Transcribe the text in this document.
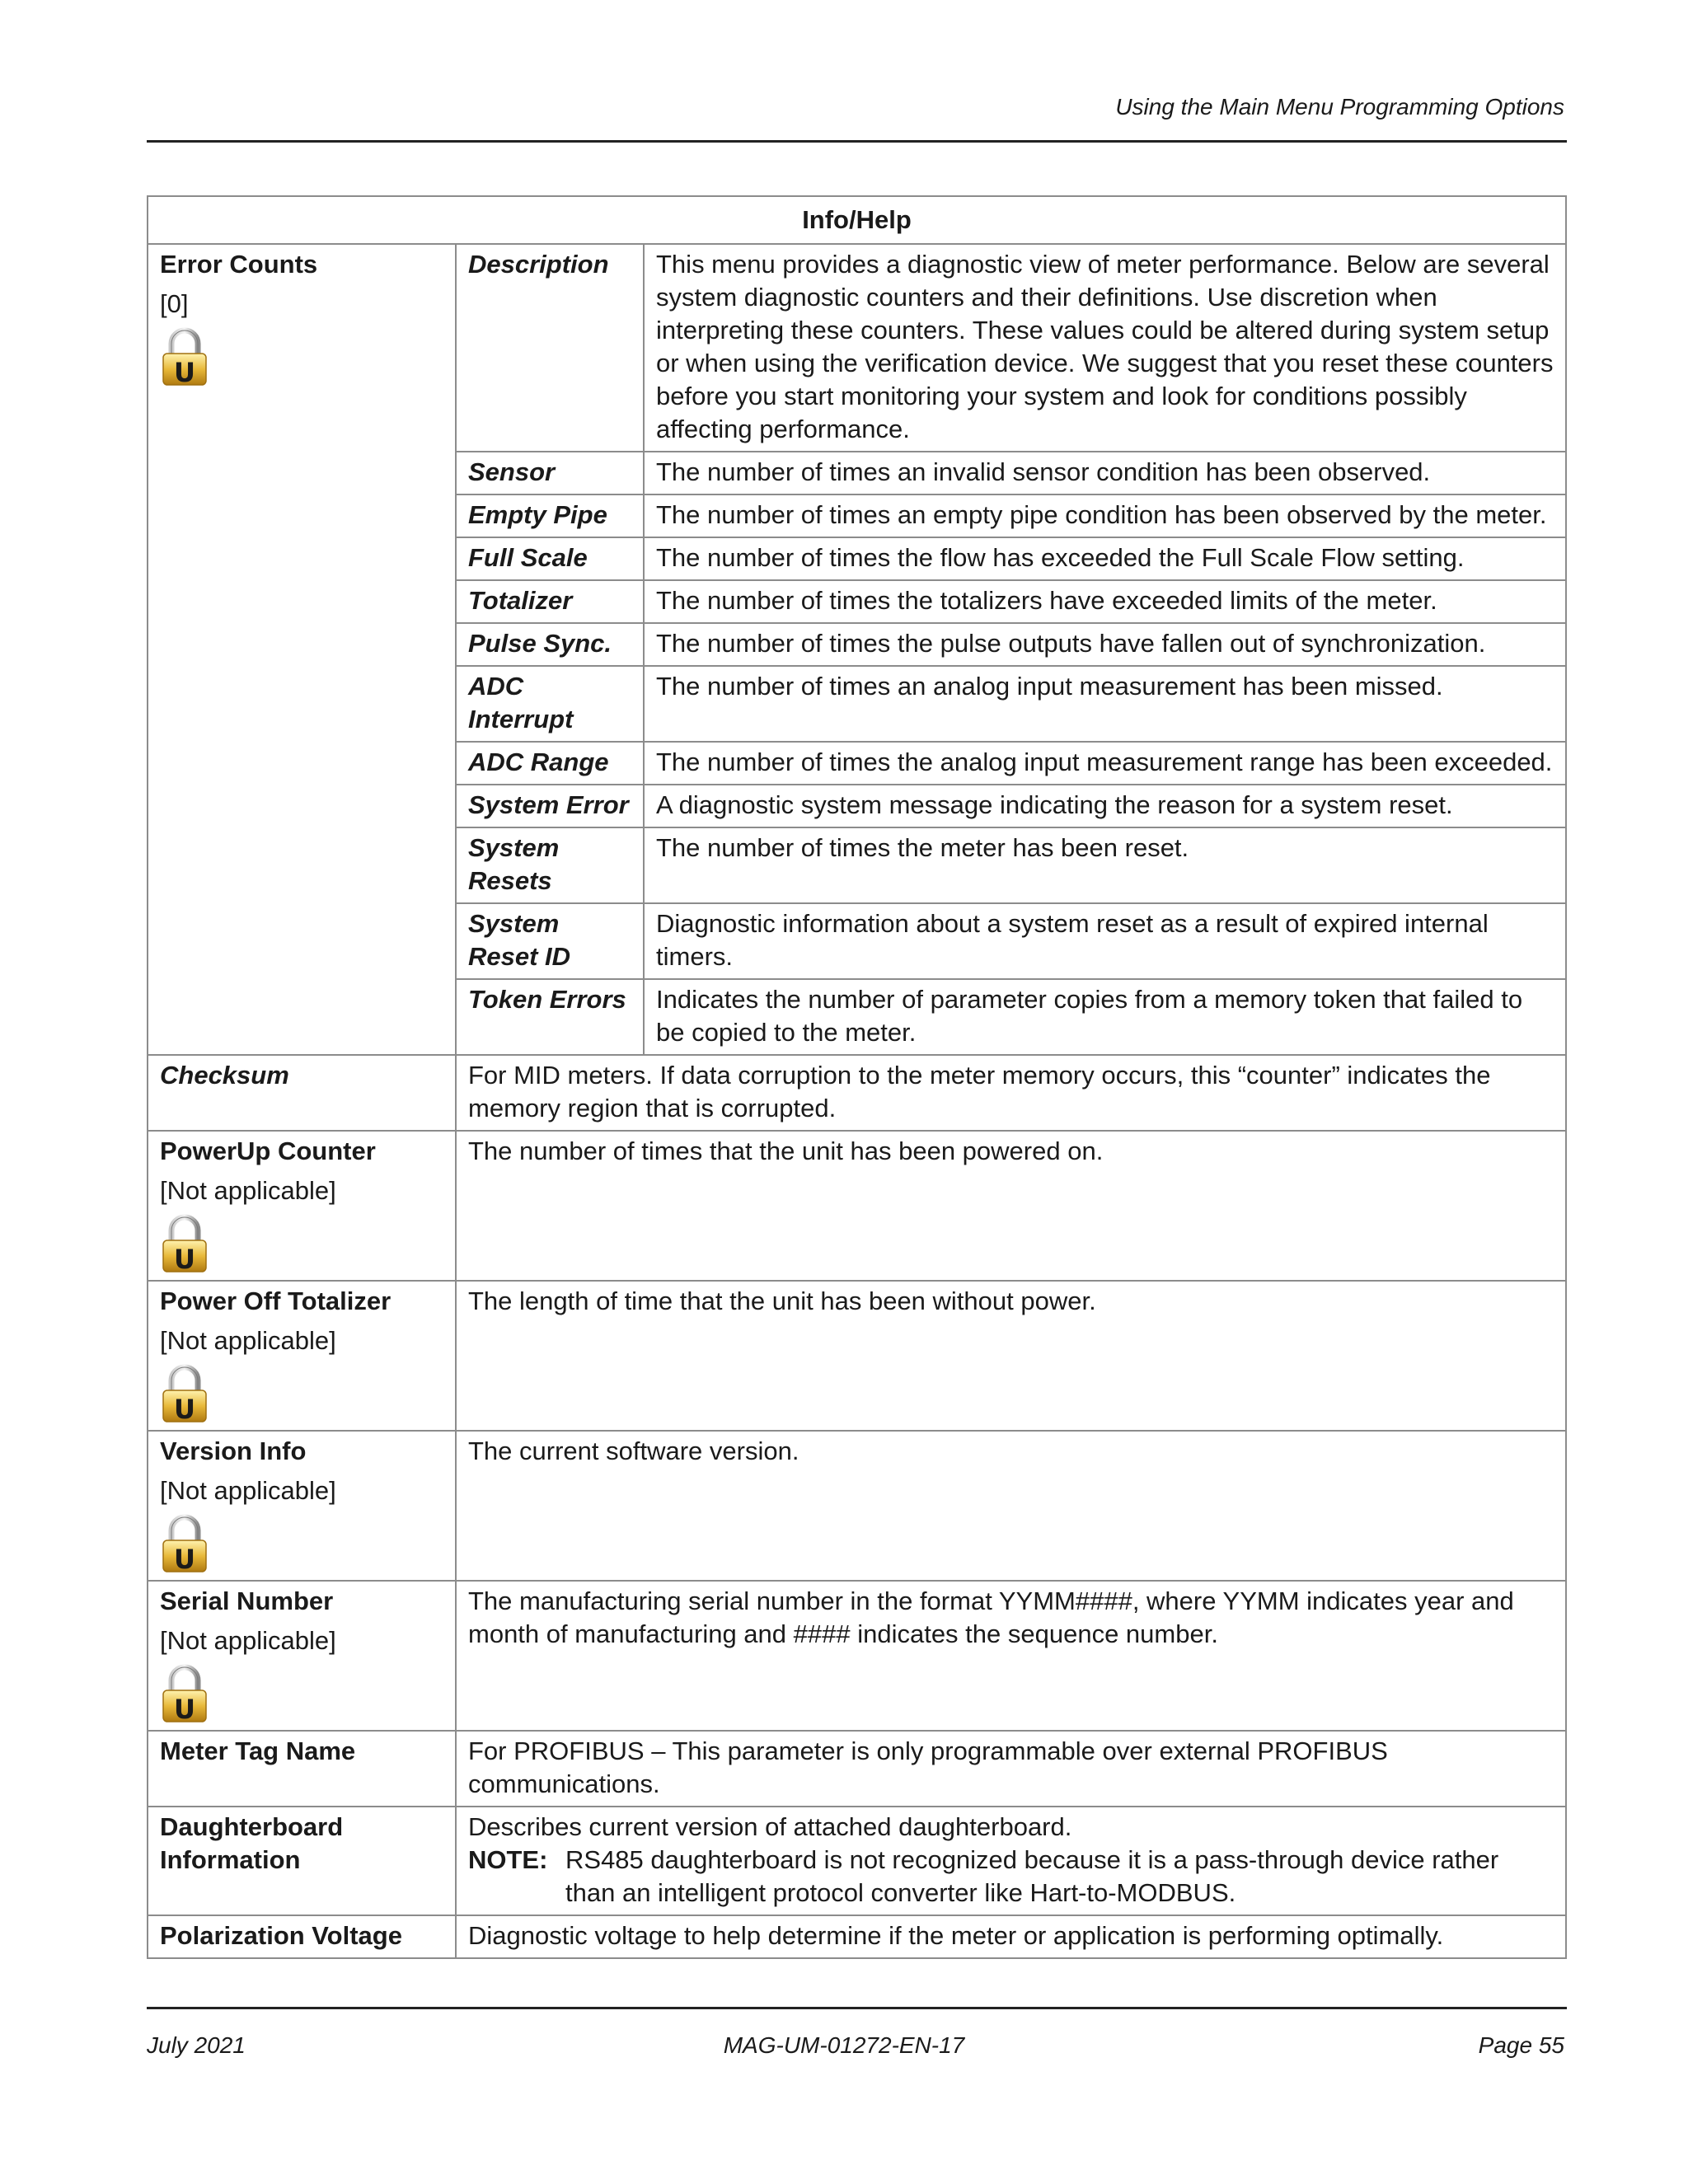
Using the Main Menu Programming Options
Info/Help		

Error Counts
[0]	Description	This menu provides a diagnostic view of meter performance. Below are several system diagnostic counters and their definitions. Use discretion when interpreting these counters. These values could be altered during system setup or when using the verification device. We suggest that you reset these counters before you start monitoring your system and look for conditions possibly affecting performance.
	Sensor	The number of times an invalid sensor condition has been observed.
	Empty Pipe	The number of times an empty pipe condition has been observed by the meter.
	Full Scale	The number of times the flow has exceeded the Full Scale Flow setting.
	Totalizer	The number of times the totalizers have exceeded limits of the meter.
	Pulse Sync.	The number of times the pulse outputs have fallen out of synchronization.
	ADC Interrupt	The number of times an analog input measurement has been missed.
	ADC Range	The number of times the analog input measurement range has been exceeded.
	System Error	A diagnostic system message indicating the reason for a system reset.
	System Resets	The number of times the meter has been reset.
	System Reset ID	Diagnostic information about a system reset as a result of expired internal timers.
	Token Errors	Indicates the number of parameter copies from a memory token that failed to be copied to the meter.
Checksum	For MID meters. If data corruption to the meter memory occurs, this “counter” indicates the memory region that is corrupted.	

PowerUp Counter
[Not applicable]	The number of times that the unit has been powered on.	

Power Off Totalizer
[Not applicable]	The length of time that the unit has been without power.	

Version Info
[Not applicable]	The current software version.	

Serial Number
[Not applicable]	The manufacturing serial number in the format YYMM####, where YYMM indicates year and month of manufacturing and #### indicates the sequence number.	

Meter Tag Name	For PROFIBUS – This parameter is only programmable over external PROFIBUS communications.	

Daughterboard Information	Describes current version of attached daughterboard.
NOTE: RS485 daughterboard is not recognized because it is a pass-through device rather than an intelligent protocol converter like Hart-to-MODBUS.	

Polarization Voltage	Diagnostic voltage to help determine if the meter or application is performing optimally.	
July 2021	MAG-UM-01272-EN-17	Page 55
